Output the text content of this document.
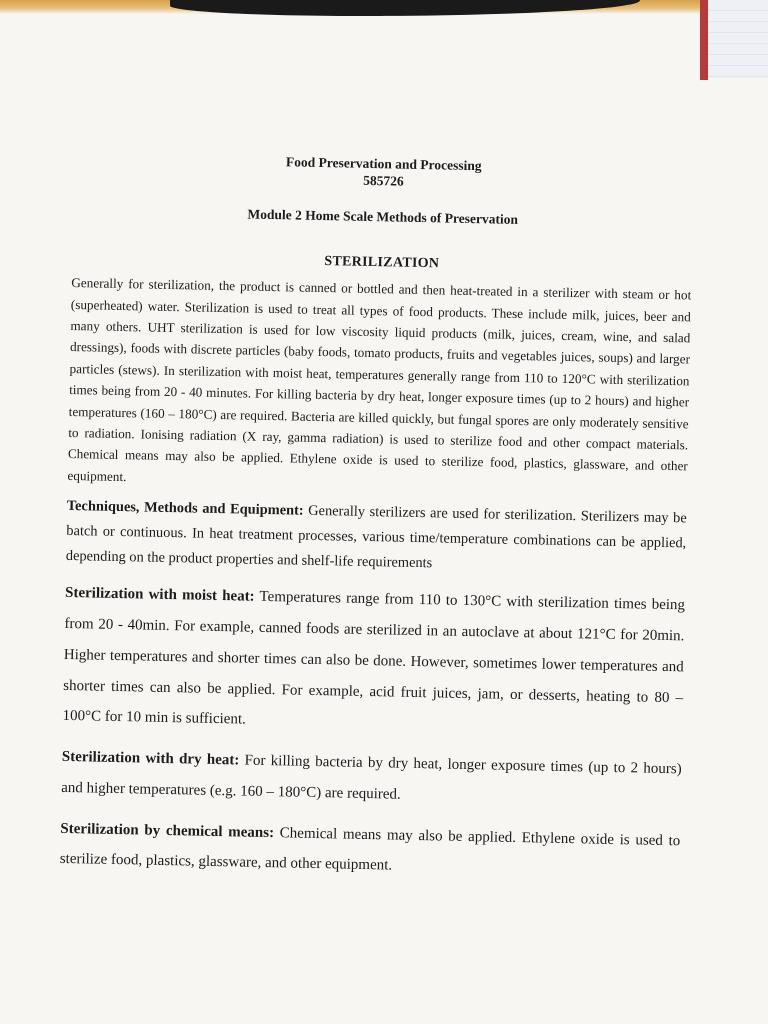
Food Preservation and Processing
585726
Module 2 Home Scale Methods of Preservation
STERILIZATION

Generally for sterilization, the product is canned or bottled and then heat-treated in a sterilizer with steam or hot (superheated) water. Sterilization is used to treat all types of food products. These include milk, juices, beer and many others. UHT sterilization is used for low viscosity liquid products (milk, juices, cream, wine, and salad dressings), foods with discrete particles (baby foods, tomato products, fruits and vegetables juices, soups) and larger particles (stews). In sterilization with moist heat, temperatures generally range from 110 to 120°C with sterilization times being from 20 - 40 minutes. For killing bacteria by dry heat, longer exposure times (up to 2 hours) and higher temperatures (160 – 180°C) are required. Bacteria are killed quickly, but fungal spores are only moderately sensitive to radiation. Ionising radiation (X ray, gamma radiation) is used to sterilize food and other compact materials. Chemical means may also be applied. Ethylene oxide is used to sterilize food, plastics, glassware, and other equipment.

Techniques, Methods and Equipment: Generally sterilizers are used for sterilization. Sterilizers may be batch or continuous. In heat treatment processes, various time/temperature combinations can be applied, depending on the product properties and shelf-life requirements

Sterilization with moist heat: Temperatures range from 110 to 130°C with sterilization times being from 20 - 40min. For example, canned foods are sterilized in an autoclave at about 121°C for 20min. Higher temperatures and shorter times can also be done. However, sometimes lower temperatures and shorter times can also be applied. For example, acid fruit juices, jam, or desserts, heating to 80 – 100°C for 10 min is sufficient.

Sterilization with dry heat: For killing bacteria by dry heat, longer exposure times (up to 2 hours) and higher temperatures (e.g. 160 – 180°C) are required.

Sterilization by chemical means: Chemical means may also be applied. Ethylene oxide is used to sterilize food, plastics, glassware, and other equipment.
